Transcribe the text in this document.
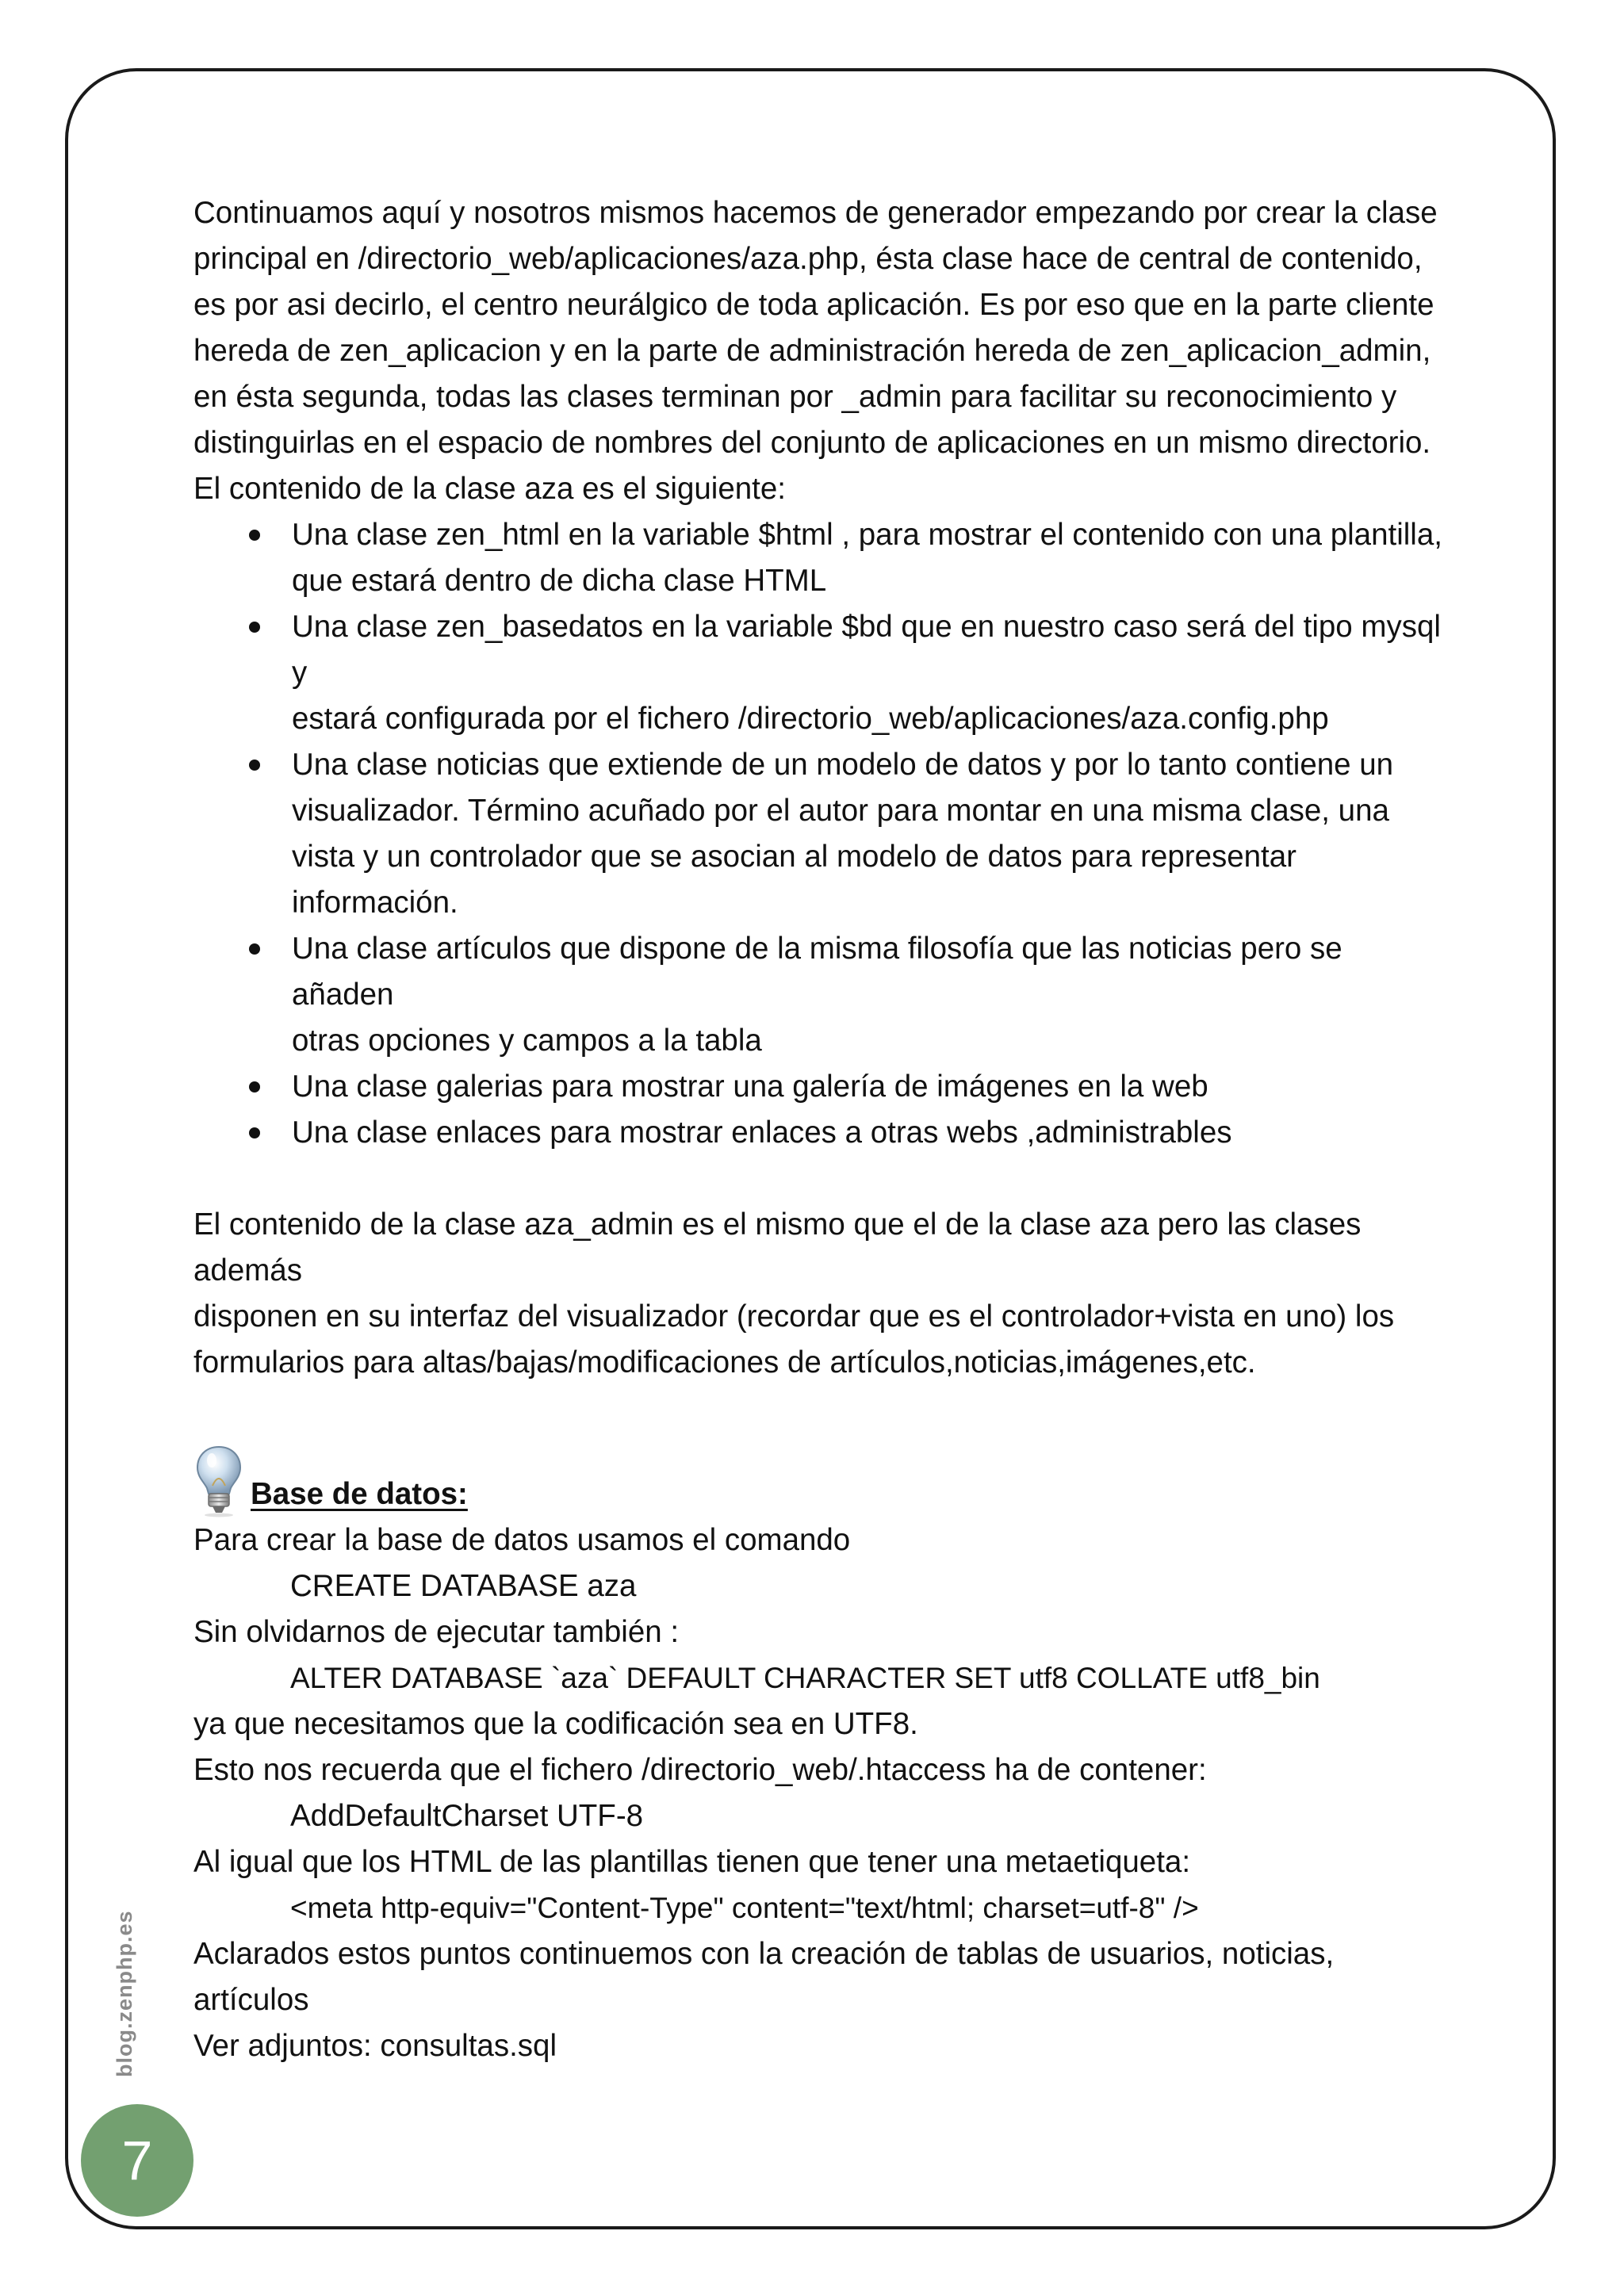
Continuamos aquí y nosotros mismos hacemos de generador empezando por crear la clase

principal en /directorio_web/aplicaciones/aza.php, ésta clase hace de central de contenido,

es por asi decirlo, el centro neurálgico de toda aplicación. Es por eso que en la parte cliente

hereda de zen_aplicacion y en la parte de administración hereda de zen_aplicacion_admin,

en ésta segunda, todas las clases terminan por _admin para facilitar su reconocimiento y

distinguirlas en el espacio de nombres del conjunto de aplicaciones en un mismo directorio.

El contenido de la clase aza es el siguiente:

Una clase zen_html en la variable $html , para mostrar el contenido con una plantilla,

que estará dentro de dicha clase HTML

Una clase zen_basedatos en la variable $bd que en nuestro caso será del tipo mysql y

estará configurada por el fichero /directorio_web/aplicaciones/aza.config.php

Una clase noticias que extiende de un modelo de datos y por lo tanto contiene un

visualizador. Término acuñado por el autor para montar en una misma clase, una

vista y un controlador que se asocian al modelo de datos para representar

información.

Una clase artículos que dispone de la misma filosofía que las noticias pero se añaden

otras opciones y campos a la tabla

Una clase galerias para mostrar una galería de imágenes en la web

Una clase enlaces para mostrar enlaces a otras webs ,administrables

El contenido de la clase aza_admin es el mismo que el de la clase aza pero las clases además

disponen en su interfaz del visualizador (recordar que es el controlador+vista en uno) los

formularios para altas/bajas/modificaciones de artículos,noticias,imágenes,etc.

Base de datos:

Para crear la base de datos usamos el comando

CREATE DATABASE aza

Sin olvidarnos de ejecutar también :

ALTER DATABASE `aza` DEFAULT CHARACTER SET utf8 COLLATE utf8_bin

ya que necesitamos que la codificación sea en UTF8.

Esto nos recuerda que el fichero /directorio_web/.htaccess ha de contener:

AddDefaultCharset UTF-8

Al igual que los HTML de las plantillas tienen que tener una metaetiqueta:

<meta http-equiv="Content-Type" content="text/html; charset=utf-8" />

Aclarados estos puntos continuemos con la creación de tablas de usuarios, noticias, artículos

Ver adjuntos: consultas.sql

blog.zenphp.es
7
